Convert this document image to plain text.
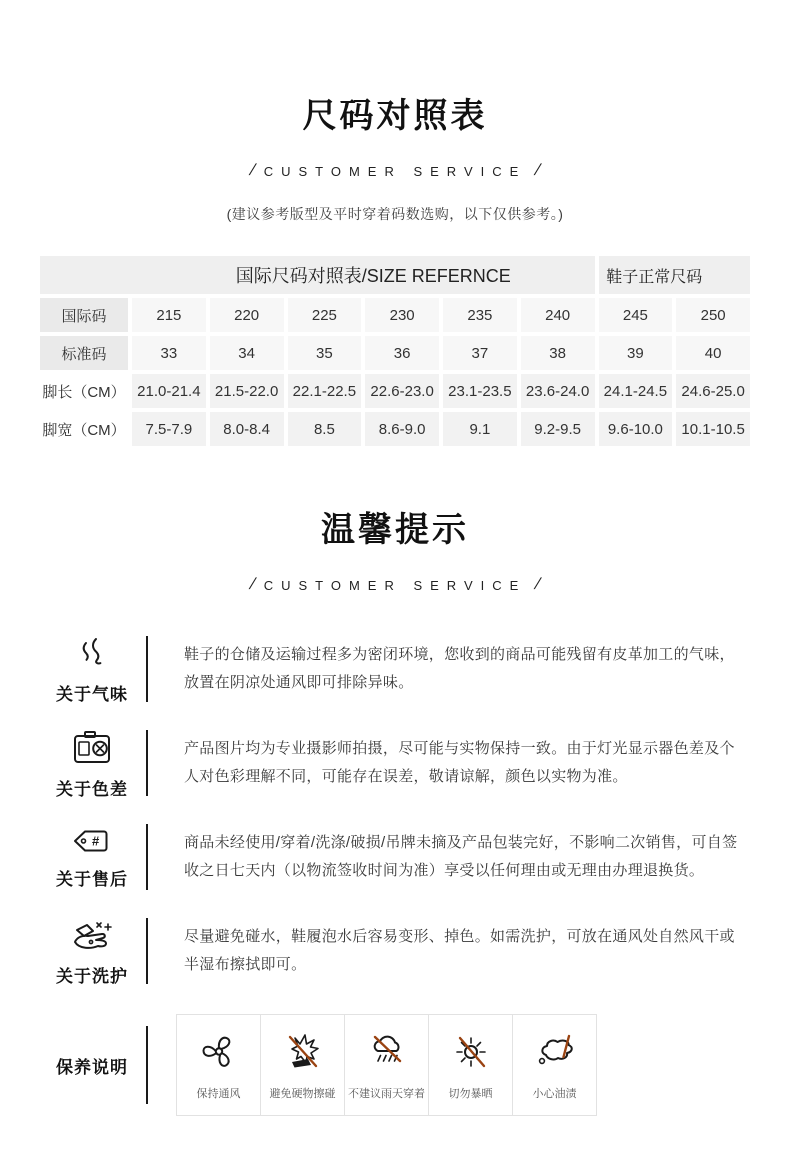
尺码对照表
/ CUSTOMER SERVICE /

(建议参考版型及平时穿着码数选购，以下仅供参考。)

国际尺码对照表/SIZE REFERNCE							鞋子正常尺码	
国际码	215	220	225	230	235	240	245	250
标准码	33	34	35	36	37	38	39	40
脚长（CM）	21.0-21.4	21.5-22.0	22.1-22.5	22.6-23.0	23.1-23.5	23.6-24.0	24.1-24.5	24.6-25.0
脚宽（CM）	7.5-7.9	8.0-8.4	8.5	8.6-9.0	9.1	9.2-9.5	9.6-10.0	10.1-10.5
温馨提示
/ CUSTOMER SERVICE /
关于气味
鞋子的仓储及运输过程多为密闭环境，您收到的商品可能残留有皮革加工的气味，放置在阴凉处通风即可排除异味。
关于色差
产品图片均为专业摄影师拍摄，尽可能与实物保持一致。由于灯光显示器色差及个人对色彩理解不同，可能存在误差，敬请谅解，颜色以实物为准。
#
关于售后
商品未经使用/穿着/洗涤/破损/吊牌未摘及产品包装完好，不影响二次销售，可自签收之日七天内（以物流签收时间为准）享受以任何理由或无理由办理退换货。
关于洗护
尽量避免碰水，鞋履泡水后容易变形、掉色。如需洗护，可放在通风处自然风干或半湿布擦拭即可。
保养说明
保持通风	避免硬物擦碰 不建议雨天穿着 切勿暴晒	小心油渍
